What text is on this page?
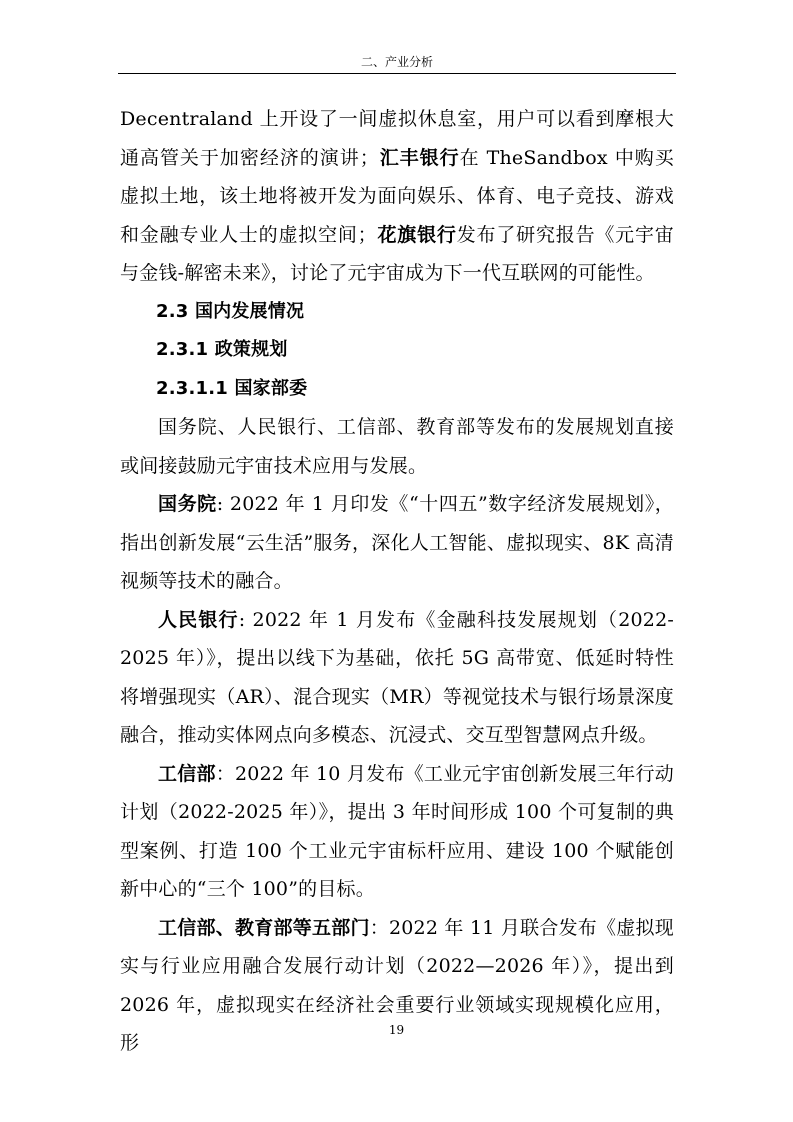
二、产业分析

Decentraland 上开设了一间虚拟休息室，用户可以看到摩根大通高管关于加密经济的演讲；汇丰银行在 TheSandbox 中购买虚拟土地，该土地将被开发为面向娱乐、体育、电子竞技、游戏和金融专业人士的虚拟空间；花旗银行发布了研究报告《元宇宙与金钱-解密未来》，讨论了元宇宙成为下一代互联网的可能性。

2.3 国内发展情况

2.3.1 政策规划

2.3.1.1 国家部委

国务院、人民银行、工信部、教育部等发布的发展规划直接或间接鼓励元宇宙技术应用与发展。

国务院: 2022 年 1 月印发《“十四五”数字经济发展规划》，指出创新发展“云生活”服务，深化人工智能、虚拟现实、8K 高清视频等技术的融合。

人民银行: 2022 年 1 月发布《金融科技发展规划（2022-2025 年）》，提出以线下为基础，依托 5G 高带宽、低延时特性将增强现实（AR）、混合现实（MR）等视觉技术与银行场景深度融合，推动实体网点向多模态、沉浸式、交互型智慧网点升级。

工信部：2022 年 10 月发布《工业元宇宙创新发展三年行动计划（2022-2025 年）》，提出 3 年时间形成 100 个可复制的典型案例、打造 100 个工业元宇宙标杆应用、建设 100 个赋能创新中心的“三个 100”的目标。

工信部、教育部等五部门：2022 年 11 月联合发布《虚拟现实与行业应用融合发展行动计划（2022—2026 年）》，提出到 2026 年，虚拟现实在经济社会重要行业领域实现规模化应用，形

19
